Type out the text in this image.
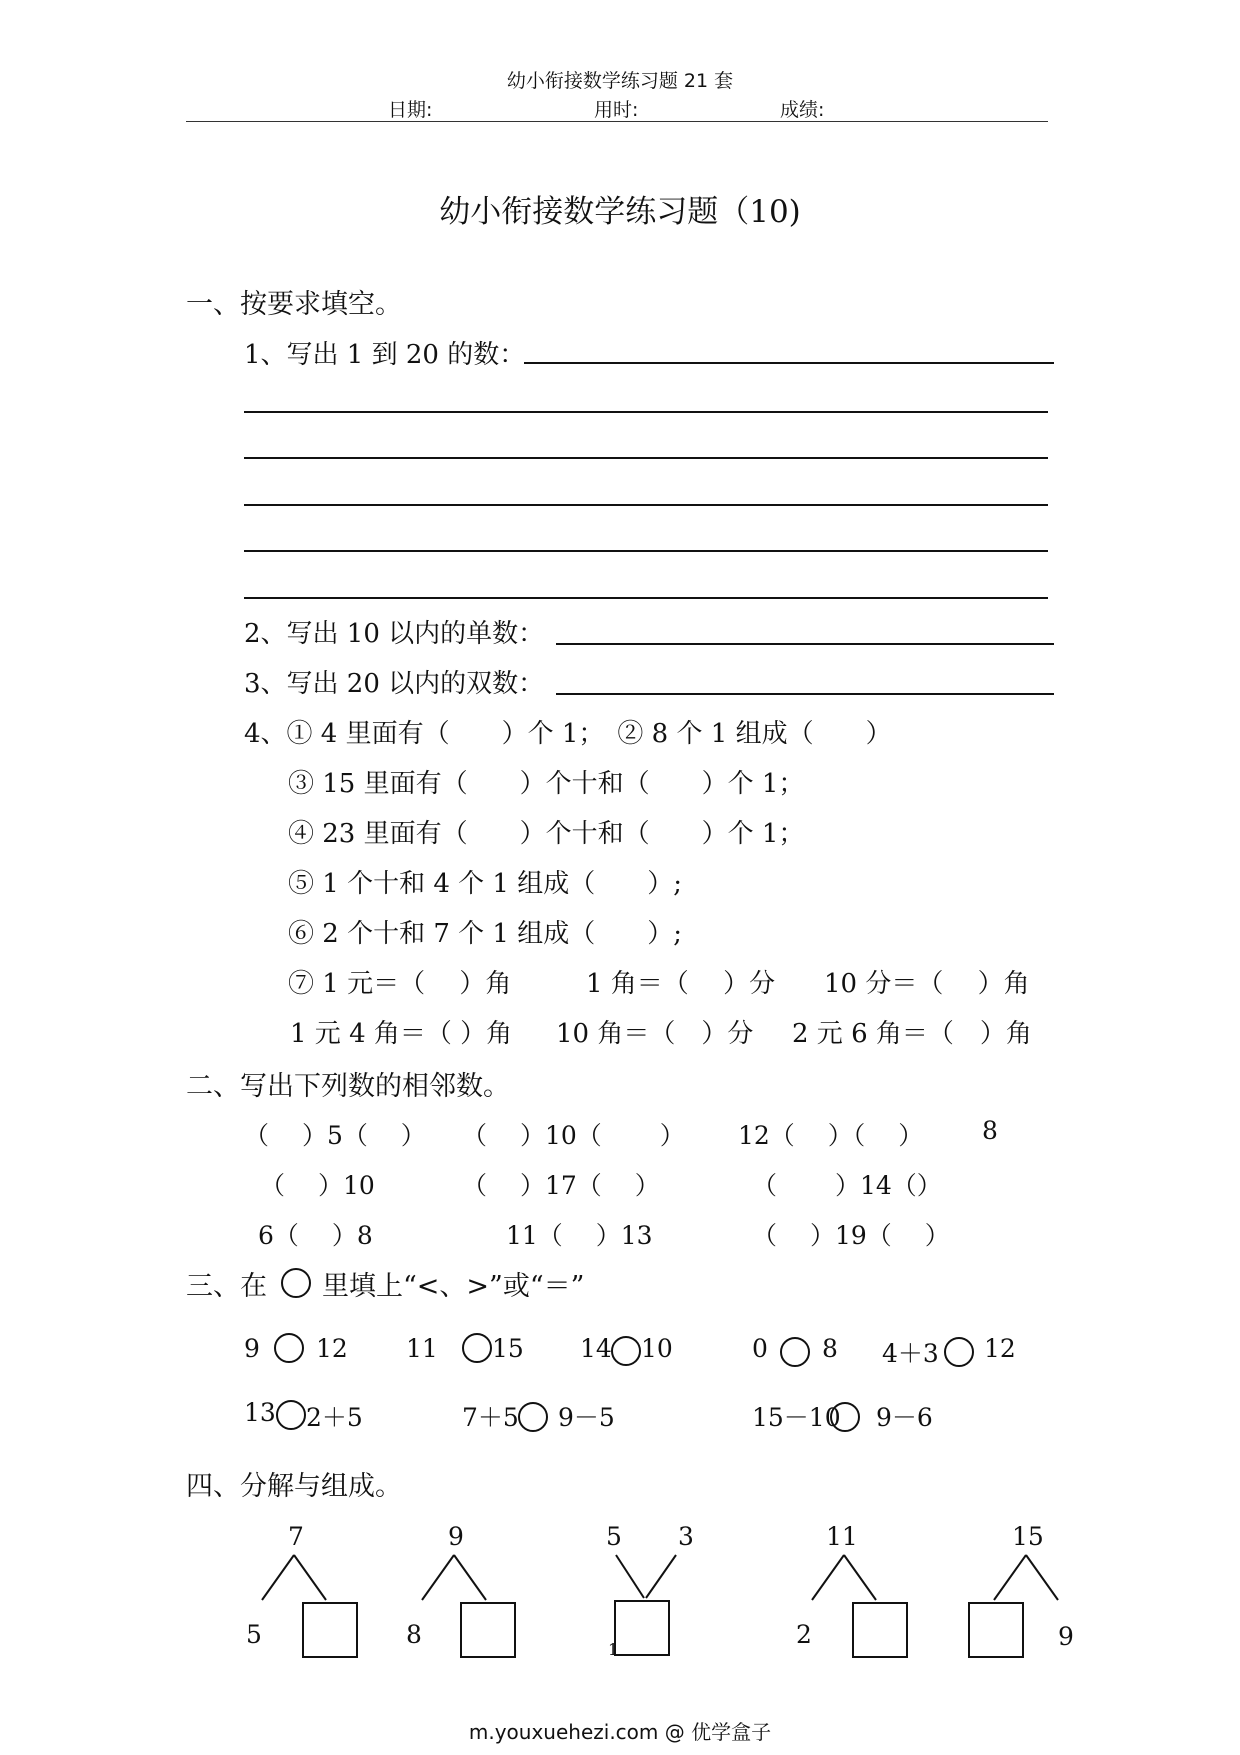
幼小衔接数学练习题 21 套
日期:	用时:	成绩:
幼小衔接数学练习题（10)
一、按要求填空。
1、写出 1 到 20 的数：
2、写出 10 以内的单数：
3、写出 20 以内的双数：
4、① 4 里面有（　　）个 1；　② 8 个 1 组成（　　）
③ 15 里面有（　　）个十和（　　）个 1；
④ 23 里面有（　　）个十和（　　）个 1；
⑤ 1 个十和 4 个 1 组成（　　）;
⑥ 2 个十和 7 个 1 组成（　　）;
⑦ 1 元＝（　 ）角	1 角＝（　 ）分 10 分＝（　 ）角
1 元 4 角＝（ ）角 10 角＝（　）分 2 元 6 角＝（　）角
二、写出下列数的相邻数。
（　 ）5（　 ） （　 ）10（　　 ） 12（　 ）（　 ） 8
（　 ）10	（　 ）17（　 ）	（　　 ）14（）
6（　 ）8	11（　 ）13	（　 ）19（　 ）
三、在 里填上“<、>”或“＝”
9 12 11 15 14 10	0 8 4＋3 12
13 2＋5	7＋5 9－5	15－10 9－6
四、分解与组成。
7
5
9
8
5 3
1
11
2
15
9
m.youxuehezi.com @ 优学盒子
